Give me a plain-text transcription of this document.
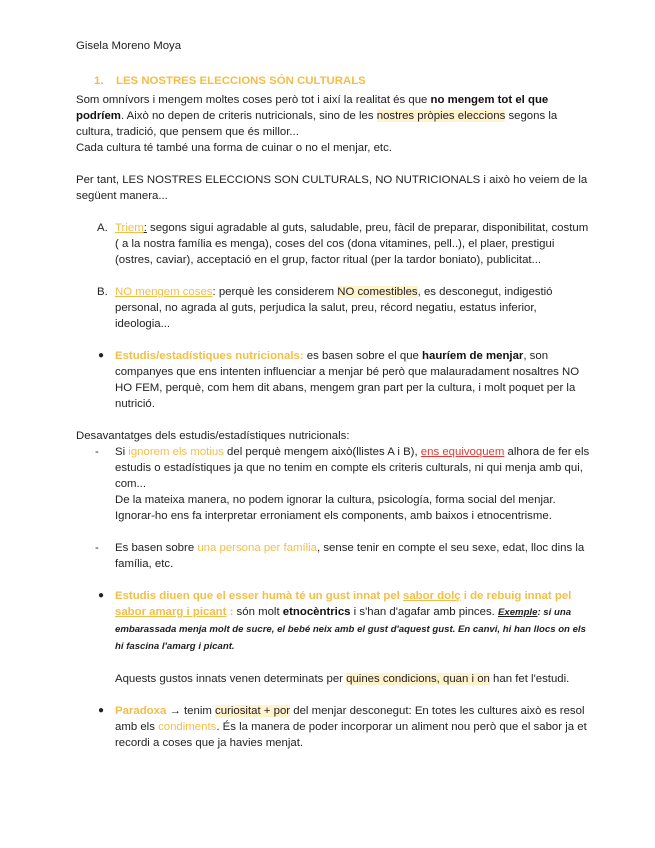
Gisela Moreno Moya

1. LES NOSTRES ELECCIONS SÓN CULTURALS

Som omnívors i mengem moltes coses però tot i així la realitat és que no mengem tot el que podríem. Això no depen de criteris nutricionals, sino de les nostres pròpies eleccions segons la cultura, tradició, que pensem que és millor...

Cada cultura té també una forma de cuinar o no el menjar, etc.

Per tant, LES NOSTRES ELECCIONS SON CULTURALS, NO NUTRICIONALS i això ho veiem de la següent manera...

A. Triem: segons sigui agradable al guts, saludable, preu, fàcil de preparar, disponibilitat, costum ( a la nostra família es menga), coses del cos (dona vitamines, pell..), el plaer, prestigui (ostres, caviar), acceptació en el grup, factor ritual (per la tardor boniato), publicitat...
B. NO mengem coses: perquè les considerem NO comestibles, es desconegut, indigestió personal, no agrada al guts, perjudica la salut, preu, récord negatiu, estatus inferior, ideologia...
● Estudis/estadístiques nutricionals: es basen sobre el que hauríem de menjar, son companyes que ens intenten influenciar a menjar bé però que malauradament nosaltres NO HO FEM, perquè, com hem dit abans, mengem gran part per la cultura, i molt poquet per la nutrició.

Desavantatges dels estudis/estadístiques nutricionals:

- Si ignorem els motius del perquè mengem això(llistes A i B), ens equivoquem alhora de fer els estudis o estadístiques ja que no tenim en compte els criteris culturals, ni qui menja amb qui, com...

De la mateixa manera, no podem ignorar la cultura, psicología, forma social del menjar. Ignorar-ho ens fa interpretar erroniament els components, amb baixos i etnocentrisme.

- Es basen sobre una persona per família, sense tenir en compte el seu sexe, edat, lloc dins la família, etc.
● Estudis diuen que el esser humà té un gust innat pel sabor dolç i de rebuig innat pel sabor amarg i picant : són molt etnocèntrics i s'han d'agafar amb pinces. Exemple: si una embarassada menja molt de sucre, el bebé neix amb el gust d'aquest gust. En canvi, hi han llocs on els hi fascina l'amarg i picant.

Aquests gustos innats venen determinats per quines condicions, quan i on han fet l'estudi.

● Paradoxa → tenim curiositat + por del menjar desconegut: En totes les cultures això es resol amb els condiments. És la manera de poder incorporar un aliment nou però que el sabor ja et recordi a coses que ja havies menjat.
